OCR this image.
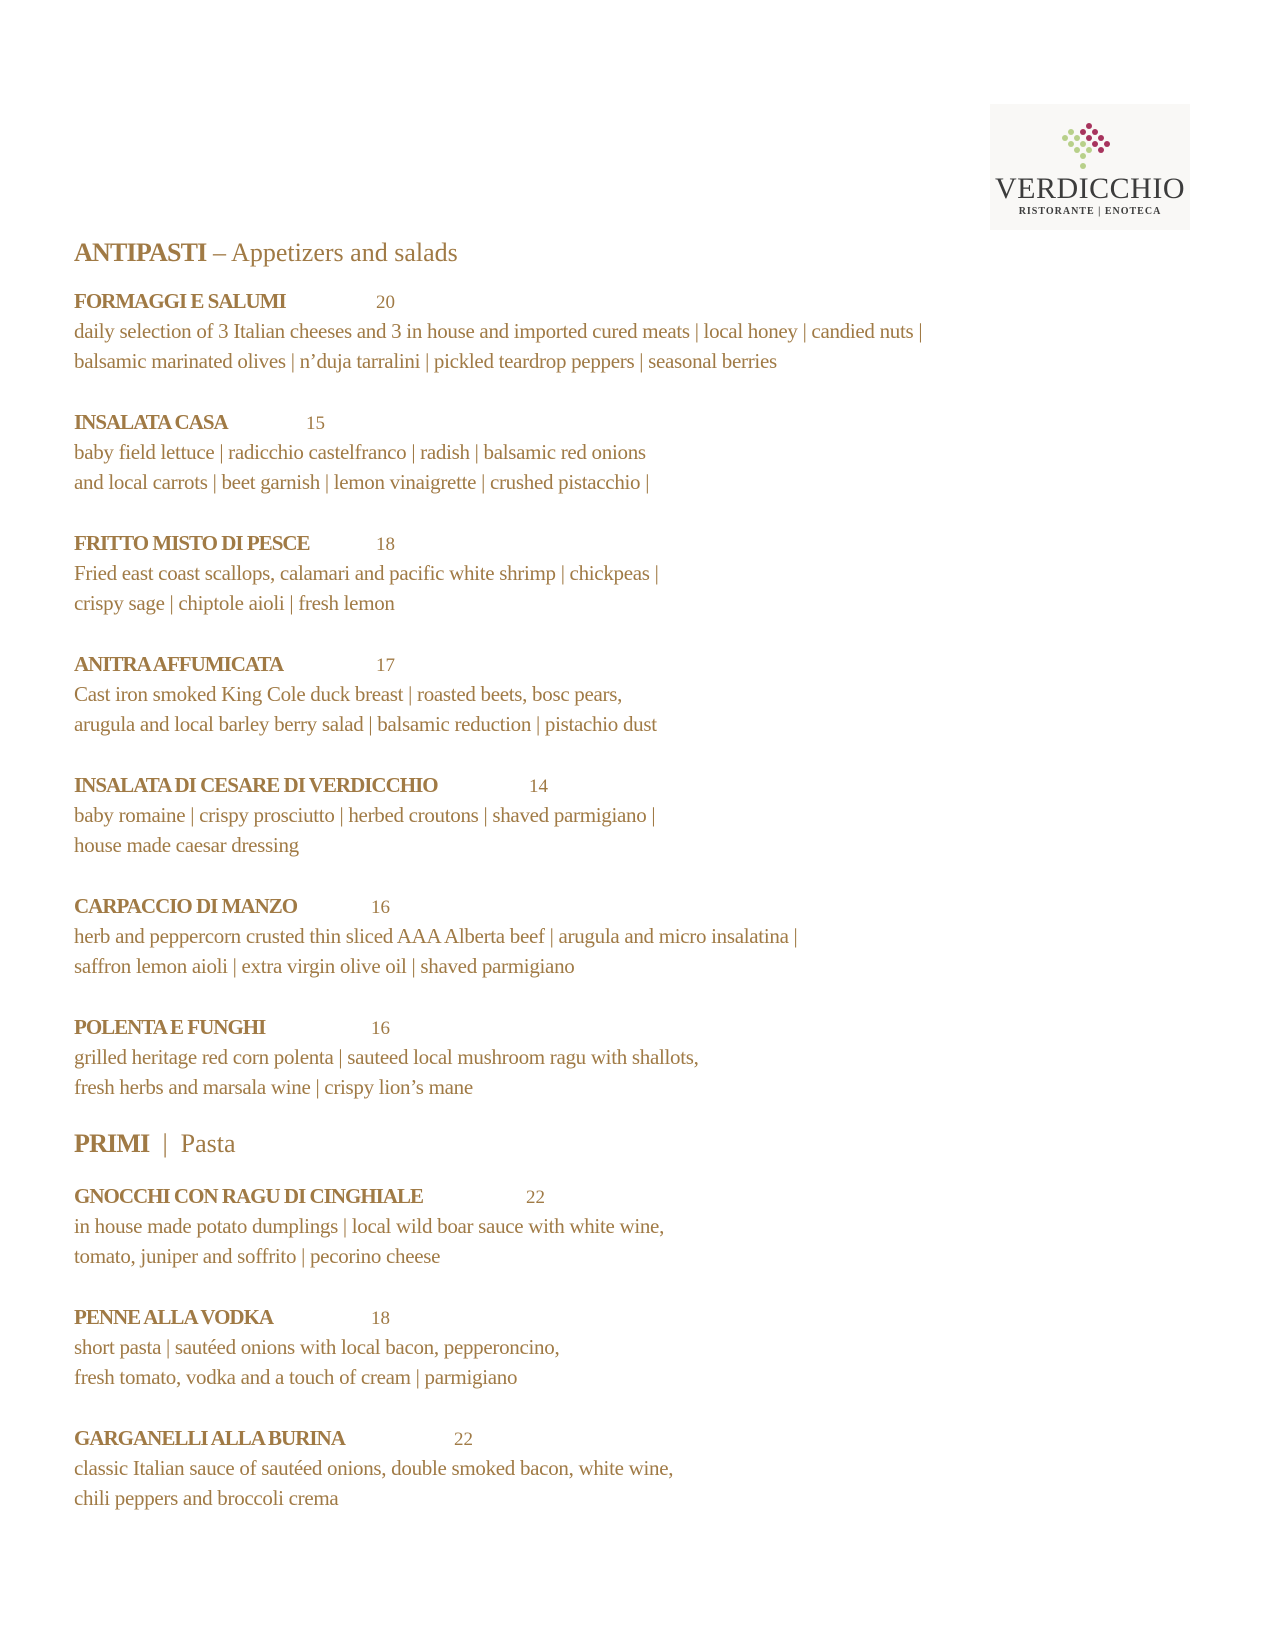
VERDICCHIO
RISTORANTE | ENOTECA
ANTIPASTI – Appetizers and salads
FORMAGGI E SALUMI	20
daily selection of 3 Italian cheeses and 3 in house and imported cured meats | local honey | candied nuts |
balsamic marinated olives | n’duja tarralini | pickled teardrop peppers | seasonal berries
INSALATA CASA	15
baby field lettuce | radicchio castelfranco | radish | balsamic red onions
and local carrots | beet garnish | lemon vinaigrette | crushed pistacchio |
FRITTO MISTO DI PESCE	18
Fried east coast scallops, calamari and pacific white shrimp | chickpeas |
crispy sage | chiptole aioli | fresh lemon
ANITRA AFFUMICATA	17
Cast iron smoked King Cole duck breast | roasted beets, bosc pears,
arugula and local barley berry salad | balsamic reduction | pistachio dust
INSALATA DI CESARE DI VERDICCHIO	14
baby romaine | crispy prosciutto | herbed croutons | shaved parmigiano |
house made caesar dressing
CARPACCIO DI MANZO	16
herb and peppercorn crusted thin sliced AAA Alberta beef | arugula and micro insalatina |
saffron lemon aioli | extra virgin olive oil | shaved parmigiano
POLENTA E FUNGHI	16
grilled heritage red corn polenta | sauteed local mushroom ragu with shallots,
fresh herbs and marsala wine | crispy lion’s mane
PRIMI  |  Pasta
GNOCCHI CON RAGU DI CINGHIALE	22
in house made potato dumplings | local wild boar sauce with white wine,
tomato, juniper and soffrito | pecorino cheese
PENNE ALLA VODKA	18
short pasta | sautéed onions with local bacon, pepperoncino,
fresh tomato, vodka and a touch of cream | parmigiano
GARGANELLI ALLA BURINA	22
classic Italian sauce of sautéed onions, double smoked bacon, white wine,
chili peppers and broccoli crema
